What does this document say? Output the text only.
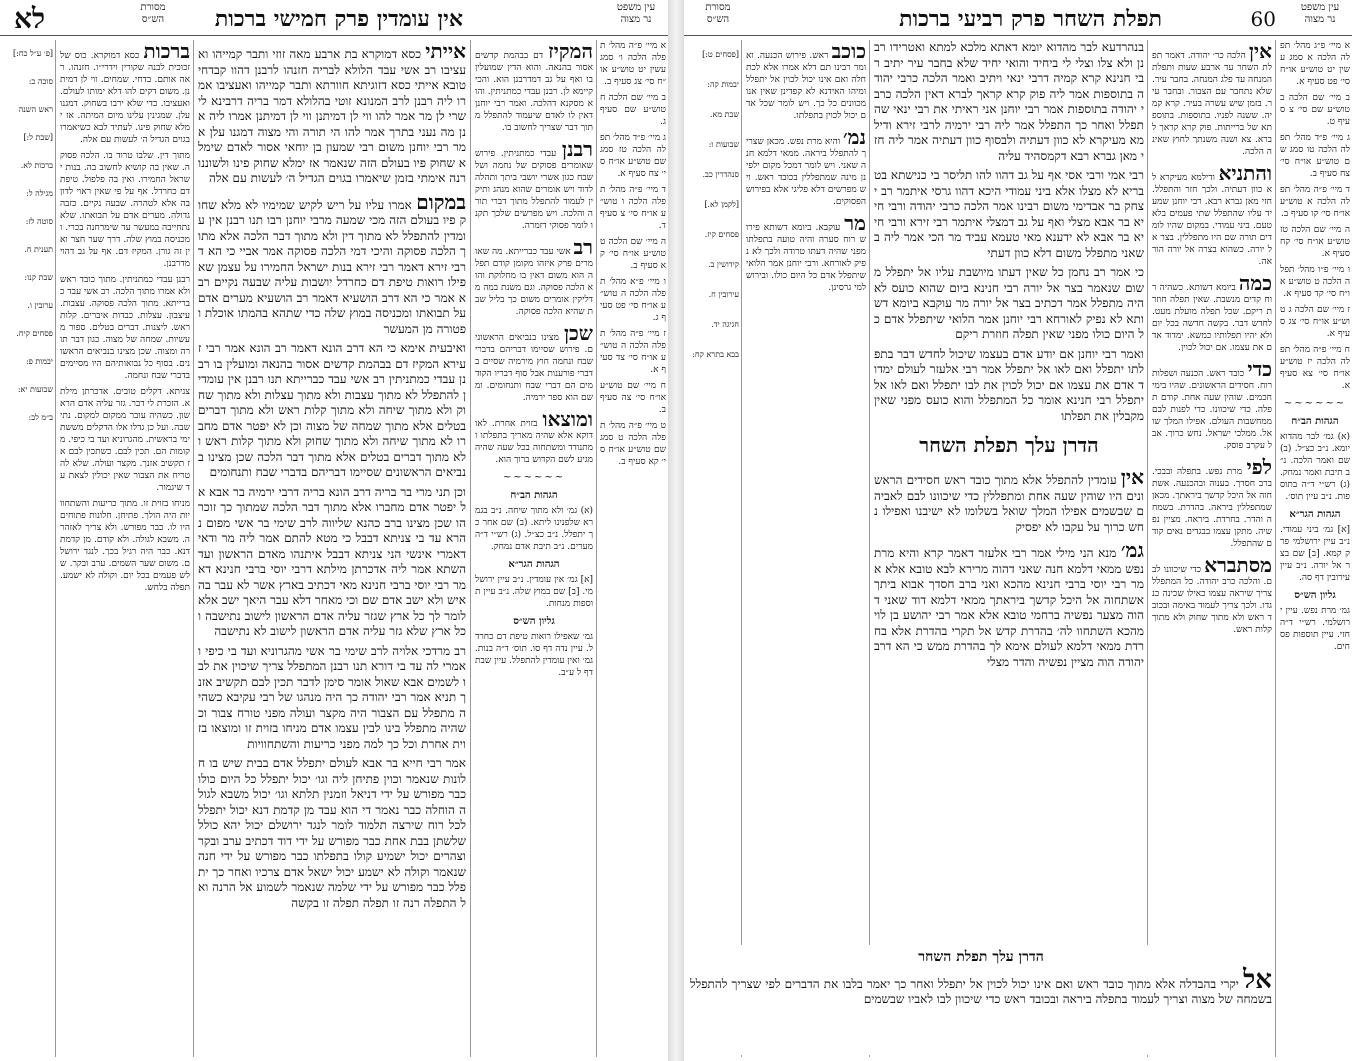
עין משפט
נר מצוה
אין עומדין פרק חמישי ברכות
מסורת
הש״ס
לא

א מיי׳ פ״ה מהל׳ תפלה הלכה ו׳ סמג עשין יט טוש״ע או״ח סי׳ צג סעיף ב.

ב מיי׳ שם הלכה ח טוש״ע שם סעיף ג.

ג מיי׳ פ״ד מהל׳ תפלה הלכה טז סמג שם טוש״ע או״ח סי׳ צח סעיף א.

ד מיי׳ פ״ה מהל׳ תפלה הלכה ו טוש״ע או״ח סי׳ צ סעיף ד.

ה מיי׳ שם הלכה ט טוש״ע או״ח סי׳ קא סעיף ב.

ו מיי׳ פ״א מהל׳ תפלה הלכה ה טוש״ע או״ח סי׳ פט סעיף ג.

ז מיי׳ פ״ה מהל׳ תפלה הלכה ה טוש״ע או״ח סי׳ צד סעיף א.

ח מיי׳ שם טוש״ע או״ח סי׳ צה סעיף ב.

ט מיי׳ פ״ה מהל׳ תפלה הלכה ט סמג שם טוש״ע או״ח סי׳ קא סעיף ב.

המקיז דם בבהמת קדשים אסור בהנאה. והוא הדין שמועלין בו ואף על גב דמדרבנן הוא. והכי קיימא לן. רבנן עבדי כמתניתין. והוא מסקנא דהלכה. ואמר רבי יוחנן דאין לו לאדם שיעמוד להתפלל מתוך דבר שצריך לחשוב בו.

רבנן עבדי כמתניתין. פירוש שאומרים פסוקים של נחמה ושל שבח כגון אשרי יושבי ביתך ותהלה לדוד ויש אומרים שהוא מנהג ותיקין לעמוד להתפלל מתוך דברי תורה והלכה. ויש מפרשים שלכך תקנו לומר פסוקי דזמרה.

רב אשי עבד כברייתא. מה שאומרים פרק איזהו מקומן קודם תפלה הוא משום דאין בו מחלוקת והוא הלכה פסוקה. וגם משנת במה מדליקין אומרים משום כך בליל שבת שהיא הלכה פסוקה.

שכן מצינו בנביאים הראשונים. פירוש שסיימו דבריהם בדברי שבח ונחמה חוץ מירמיה שסיים בדברי פורענות אבל סוף דבריו הקודמים הם דברי שבח ותנחומים. ומשם הוא ספר ירמיה.

ומוצאו בזוית אחרת. לאו דוקא אלא שהיה מאריך בתפלתו ומתנודד ומשתחוה בכל שעה שהיה מגיע לשם הקדוש ברוך הוא.

~~~~~~
הגהות הב״ח

(א) גמ׳ ולא מתוך שיחה. נ״ב בגמרא שלפנינו ליתא. (ב) שם אחר כך יתפלל. נ״ב כצ״ל. (ג) רש״י ד״ה מערים. נ״ב תיבת אדם נמחק.

הגהות הגר״א

[א] גמ׳ אין עומדין. נ״ב עיין ירושלמי. [ב] שם במוץ שלה. נ״ב עיין תוספות מנחות.

גליון הש״ס

גמ׳ שאפילו רואות טיפת דם כחרדל. עיין נדה דף סו. תוס׳ ד״ה בנות. גמ׳ ואין עומדין להתפלל. עיין שבת דף ל ע״ב.

אייתי כסא דמוקרא בת ארבע מאה זוזי ותבר קמייהו ואעציבו רב אשי עבד הלולא לבריה חזנהו לרבנן דהוו קבדחי טובא אייתי כסא דזוגיתא חוורתא ותבר קמייהו ואעציבו אמרו ליה רבנן לרב המנונא זוטי בהלולא דמר בריה דרבינא לישרי לן מר אמר להו ווי לן דמיתנן ווי לן דמיתנן אמרו ליה אנן מה נעני בתרך אמר להו הי תורה והי מצוה דמגנו עלן אמר רבי יוחנן משום רבי שמעון בן יוחאי אסור לאדם שימלא שחוק פיו בעולם הזה שנאמר אז ימלא שחוק פינו ולשוננו רנה אימתי בזמן שיאמרו בגוים הגדיל ה׳ לעשות עם אלה

במקום אמרו עליו על ריש לקיש שמימיו לא מלא שחוק פיו בעולם הזה מכי שמעה מרבי יוחנן רבו תנו רבנן אין עומדין להתפלל לא מתוך דין ולא מתוך דבר הלכה אלא מתוך הלכה פסוקה והיכי דמי הלכה פסוקה אמר אביי כי הא דרבי זירא דאמר רבי זירא בנות ישראל החמירו על עצמן שאפילו רואות טיפת דם כחרדל יושבות עליה שבעה נקיים רבא אמר כי הא דרב הושעיא דאמר רב הושעיא מערים אדם על תבואתו ומכניסה במוץ שלה כדי שתהא בהמתו אוכלת ופטורה מן המעשר

ואיבעית אימא כי הא דרב הונא דאמר רב הונא אמר רבי זעירא המקיז דם בבהמת קדשים אסור בהנאה ומועלין בו רבנן עבדי כמתניתין רב אשי עבד כברייתא תנו רבנן אין עומדין להתפלל לא מתוך עצבות ולא מתוך עצלות ולא מתוך שחוק ולא מתוך שיחה ולא מתוך קלות ראש ולא מתוך דברים בטלים אלא מתוך שמחה של מצוה וכן לא יפטר אדם מחברו לא מתוך שיחה ולא מתוך שחוק ולא מתוך קלות ראש ולא מתוך דברים בטלים אלא מתוך דבר הלכה שכן מצינו בנביאים הראשונים שסיימו דבריהם בדברי שבח ותנחומים

וכן תני מרי בר בריה דרב הונא בריה דרבי ירמיה בר אבא אל יפטר אדם מחברו אלא מתוך דבר הלכה שמתוך כך זוכרהו שכן מצינו ברב כהנא שליווה לרב שימי בר אשי מפום נהרא עד בי צניתא דבבל כי מטא להתם אמר ליה מר ודאי דאמרי אינשי הני צניתא דבבל איתנהו מאדם הראשון ועד השתא אמר ליה אדכרתן מילתא דרבי יוסי ברבי חנינא דאמר רבי יוסי ברבי חנינא מאי דכתיב בארץ אשר לא עבר בה איש ולא ישב אדם שם וכי מאחר דלא עבר היאך ישב אלא לומר לך כל ארץ שגזר עליה אדם הראשון לישוב נתישבה וכל ארץ שלא גזר עליה אדם הראשון לישוב לא נתישבה

רב מרדכי אלויה לרב שימי בר אשי מהגרוניא ועד בי כיפי ואמרי לה עד בי דורא תנו רבנן המתפלל צריך שיכוין את לבו לשמים אבא שאול אומר סימן לדבר תכין לבם תקשיב אזנך תניא אמר רבי יהודה כך היה מנהגו של רבי עקיבא כשהיה מתפלל עם הצבור היה מקצר ועולה מפני טורח צבור וכשהיה מתפלל בינו לבין עצמו אדם מניחו בזוית זו ומוצאו בזוית אחרת וכל כך למה מפני כריעות והשתחוויות

אמר רבי חייא בר אבא לעולם יתפלל אדם בבית שיש בו חלונות שנאמר וכוין פתיחן ליה וגו׳ יכול יתפלל כל היום כולו כבר מפורש על ידי דניאל וזמנין תלתא וגו׳ יכול משבא לגולה הוחלה כבר נאמר די הוא עבד מן קדמת דנא יכול יתפלל לכל רוח שירצה תלמוד לומר לנגד ירושלם יכול יהא כולל שלשתן בבת אחת כבר מפורש על ידי דוד דכתיב ערב ובקר וצהרים יכול ישמיע קולו בתפלתו כבר מפורש על ידי חנה שנאמר וקולה לא ישמע יכול ישאל אדם צרכיו ואחר כך יתפלל כבר מפורש על ידי שלמה שנאמר לשמוע אל הרנה ואל התפלה רנה זו תפלה תפלה זו בקשה

ברכות כסא דמוקרא. כוס של זכוכית לבנה שקורין וידרי״ו. חזנהו. ראה אותם. בדחי. שמחים. ווי לן דמיתנן. משום דקים להו דלא ימותו לעולם. ואעציבו. כדי שלא ירבו בשחוק. דמגנו עלן. שמגינין עלינו מיום המיתה. אז ימלא שחוק פינו. לעתיד לבא כשיאמרו בגוים הגדיל ה׳ לעשות עם אלה.

מתוך דין. שלבו טרוד בו. הלכה פסוקה. שאין בה קושיא לחשוב בה. בנות ישראל החמירו. ואין בה פלפול. טיפת דם כחרדל. אף על פי שאין ראוי לדון בה אלא לטהרה. שבעה נקיים. כזבה גדולה. מערים אדם על תבואתו. שלא נתחייבה במעשר עד שימרחנה בכרי. ומכניסה במוץ שלה. דרך שער חצר ואין זה גורן. המקיז דם. אף על גב דהוי מדרבנן.

רבנן עבדי כמתניתין. מתוך כובד ראש ולא אמרו מתוך הלכה. רב אשי עבד כברייתא. מתוך הלכה פסוקה. עצבות. עיצבון. עצלות. כבדות איברים. קלות ראש. ליצנות. דברים בטלים. ספור מעשיות. שמחה של מצוה. כגון דבר תורה ומצוה. שכן מצינו בנביאים הראשונים. בסוף כל נבואותיהם היו מסיימים בדברי שבח ונחמה.

צניתא. דקלים טובים. אדכרתן מילתא. הזכרת לי דבר. גזר עליה אדם הראשון. כשהיה עובר ממקום למקום. נתישבה. ועל כן גדלו אלו הדקלים מששת ימי בראשית. מהגרוניא ועד בי כיפי. מקומות הם. תכין לבם. כשתכין לבם אז תקשיב אזנך. מקצר ועולה. שלא להטריח את הצבור שאין יכולין לצאת עד שיגמור.

מניחו בזוית זו. מתוך כריעות והשתחוויות היה הולך. פתיחן. חלונות פתוחים היו לו. כבר מפורש. ולא צריך לאזהרה. משבא לגולה. ולא קודם. מן קדמת דנא. כבר היה רגיל בכך. לנגד ירושלם. משום שער השמים. ערב ובקר. שלש פעמים בכל יום. וקולה לא ישמע. תפלה בלחש.

[פ׳ ע״ל כח:]
סוכה כ:
ראש השנה
[שבת ל:]
ברכות לא.
מגילה ל:
סוטה לז:
תענית ח.
שבת קנו:
ערובין ו.
פסחים קיח.
יבמות פ:
שבועות יא:
ב״מ לב:
עין משפט
נר מצוה
60
תפלת השחר פרק רביעי ברכות
מסורת
הש״ס

א מיי׳ פ״ג מהל׳ תפלה הלכה א סמג עשין יט טוש״ע או״ח סי׳ פט סעיף א.

ב מיי׳ שם הלכה ב טוש״ע שם סי׳ צ סעיף ט.

ג מיי׳ פ״ד מהל׳ תפלה הלכה טו סמג שם טוש״ע או״ח סי׳ צח סעיף ב.

ד מיי׳ פ״ה מהל׳ תפלה הלכה א טוש״ע או״ח סי׳ קו סעיף ב.

ה מיי׳ שם הלכה טז טוש״ע או״ח סי׳ קח סעיף א.

ו מיי׳ פ״ו מהל׳ תפלה הלכה ט טוש״ע או״ח סי׳ קד סעיף א.

ז מיי׳ שם הלכה ג טוש״ע או״ח סי׳ צג סעיף א.

ח מיי׳ פ״ה מהל׳ תפלה הלכה יז טוש״ע או״ח סי׳ צא סעיף א.

~~~~~~
הגהות הב״ח

(א) גמ׳ לבר מהדוא יומא. נ״ב כצ״ל. (ב) שם ואמר הלכה. נ״ב תיבת ואמר נמחק. (ג) רש״י ד״ה בתוספות. נ״ב עיין תוס׳.

הגהות הגר״א

[א] גמ׳ ביני עמודי. נ״ב עיין ירושלמי פרק קמא. [ב] שם בצר אל יורה. נ״ב עיין עירובין דף סה.

גליון הש״ס

גמ׳ מרת נפש. עיין ירושלמי. רש״י ד״ה חזי. עיין תוספות פסחים.

אין הלכה כר׳ יהודה. דאמר תפלת השחר עד ארבע שעות ותפלת המנחה עד פלג המנחה. בחבר עיר. שלא נתחבר עם הצבור. ובחבר עיר. בזמן שיש עשרה בעיר. קרא קמיה. ששנה לפניו. בתוספות. בתוספתא של ברייתות. פוק קרא קראך לברא. צא ושנה משנתך לחוץ שאינה הלכה.

והתניא ודילמא מעיקרא לא כוון דעתיה. ולכך חזר והתפלל. חזי מאן גברא רבא. רבי יוחנן שמעיד עליו שהתפלל שתי פעמים בלא טעם. ביני עמודי. במקום שהיו לומדים תורה שם היו מתפללין. בצר אל יורה. כשהוא בצרה אל יורה הוראה.

כמה ביומא דשותא. כשהיה רוח קדים מנשבת. שאין תפלה חוזרת ריקם. שכל תפלה מועלת מעט. לחדש דבר. בקשה חדשה בכל יום ולא יהיו תפלותיו כמשא. ימדוד אדם את עצמו. אם יכול לכוין.

כדי כובד ראש. הכנעה ושפלות רוח. חסידים הראשונים. שהיו בימי חכמים. שוהין שעה אחת. קודם תפלה. כדי שיכוונו. כדי לפנות לבם ממחשבות העולם. אפילו המלך שואל. ממלכי ישראל. נחש כרוך. אבל עקרב פוסק.

לפי מרת נפש. בתפלה ובבכי. ברב חסדך. בענוה ובהכנעה. אשתחוה אל היכל קדשך ביראתך. מכאן שמתפללין ביראה. בהדרת. בשמחה והדר. בחרדת. ביראה. מציין נפשיה. מתקן עצמו בבגדים נאים קודם שהתפלל.

מסתברא כדי שיכוונו לבם. והלכה כרב יהודה. כל המתפלל צריך שיראה עצמו כאילו שכינה כנגדו. ולכך צריך לעמוד באימה ובכובד ראש ולא מתוך שחוק ולא מתוך קלות ראש.

בנהרדעא לבר מהדוא יומא דאתא מלכא למתא ואטרידו רבנן ולא צלו וצלי לי ביחיד והואי יחיד שלא בחבר עיר יתיב רבי חנינא קרא קמיה דרבי ינאי ויתיב ואמר הלכה כרבי יהודה בתוספות אמר ליה פוק קרא קראך לברא דאין הלכה כרבי יהודה בתוספות אמר רבי יוחנן אני ראיתי את רבי ינאי שהתפלל ואחר כך התפלל אמר ליה רבי ירמיה לרבי זירא ודילמא מעיקרא לא כוון דעתיה ולבסוף כוון דעתיה אמר ליה חזי מאן גברא רבא דקמסהיד עליה

רבי אמי ורבי אסי אף על גב דהוו להו תליסר בי כנישתא בטבריא לא מצלו אלא ביני עמודי היכא דהוו גרסי איתמר רב יצחק בר אבדימי משום רבינו אמר הלכה כרבי יהודה ורבי חייא בר אבא מצלי ואף על גב דמצלי איתמר רבי זירא ורבי חייא בר אבא לא ידענא מאי טעמא עביד מר הכי אמר ליה בשאני מתפלל משום דלא כוון דעתי

כי אמר רב נחמן כל שאין דעתו מיושבת עליו אל יתפלל משום שנאמר בצר אל יורה רבי חנינא ביום שהוא כועס לא היה מתפלל אמר דכתיב בצר אל יורה מר עוקבא ביומא דשותא לא נפיק לאורחא רבי יוחנן אמר הלואי שיתפלל אדם כל היום כולו מפני שאין תפלה חוזרת ריקם

ואמר רבי יוחנן אם יודע אדם בעצמו שיכול לחדש דבר בתפלתו יתפלל ואם לאו אל יתפלל אמר רבי אלעזר לעולם ימדוד אדם את עצמו אם יכול לכוין את לבו יתפלל ואם לאו אל יתפלל רבי חנינא אומר כל המתפלל והוא כועס מפני שאין מקבלין את תפלתו

הדרן עלך תפלת השחר

אין עומדין להתפלל אלא מתוך כובד ראש חסידים הראשונים היו שוהין שעה אחת ומתפללין כדי שיכוונו לבם לאביהם שבשמים אפילו המלך שואל בשלומו לא ישיבנו ואפילו נחש כרוך על עקבו לא יפסיק

גמ׳ מנא הני מילי אמר רבי אלעזר דאמר קרא והיא מרת נפש ממאי דלמא חנה שאני דהוה מרירא לבא טובא אלא אמר רבי יוסי ברבי חנינא מהכא ואני ברב חסדך אבוא ביתך אשתחוה אל היכל קדשך ביראתך ממאי דלמא דוד שאני דהוה מצער נפשיה ברחמי טובא אלא אמר רבי יהושע בן לוי מהכא השתחוו לה׳ בהדרת קדש אל תקרי בהדרת אלא בחרדת ממאי דלמא לעולם אימא לך בהדרת ממש כי הא דרב יהודה הוה מציין נפשיה והדר מצלי

כוכב ראש. פירוש הכנעה. ואומר רבינו תם דלא אמרו אלא לכתחלה ואם אינו יכול לכוין אל יתפלל ומיהו האידנא לא קפדינן שאין אנו מכוונים כל כך. ויש לומר שכל אדם יכול לכוין בתפלתו.

נמ׳ והיא מרת נפש. מכאן שצריך להתפלל ביראה. ממאי דלמא חנה שאני. ויש לומר דמכל מקום ילפינן מינה שמתפללין בכובד ראש. ויש מפרשים דלא פליגי אלא בפירוש הפסוקים.

מר עוקבא. ביומא דשותא פירוש רוח סערה והיה טועה בתפלתו מפני שהיה דעתו טרודה ולכך לא נפיק לאורחא. ורבי יוחנן אמר הלואי שיתפלל אדם כל היום כולו. ובירושלמי גרסינן.

[פסחים ט:]
יבמות קה:
שבת מא.
שבועות ו:
סנהדרין כב.
[לקמן לא.]
פסחים קיז.
קידושין ב.
עירובין ח.
חגיגה יד.
בבא בתרא קח:
הדרן עלך תפלת השחר

אל יקרי בהבדלה אלא מתוך כובד ראש ואם אינו יכול לכוין אל יתפלל ואחר כך יאמר בלבו את הדברים לפי שצריך להתפלל בשמחה של מצוה וצריך לעמוד בתפלה ביראה ובכובד ראש כדי שיכוון לבו לאביו שבשמים
